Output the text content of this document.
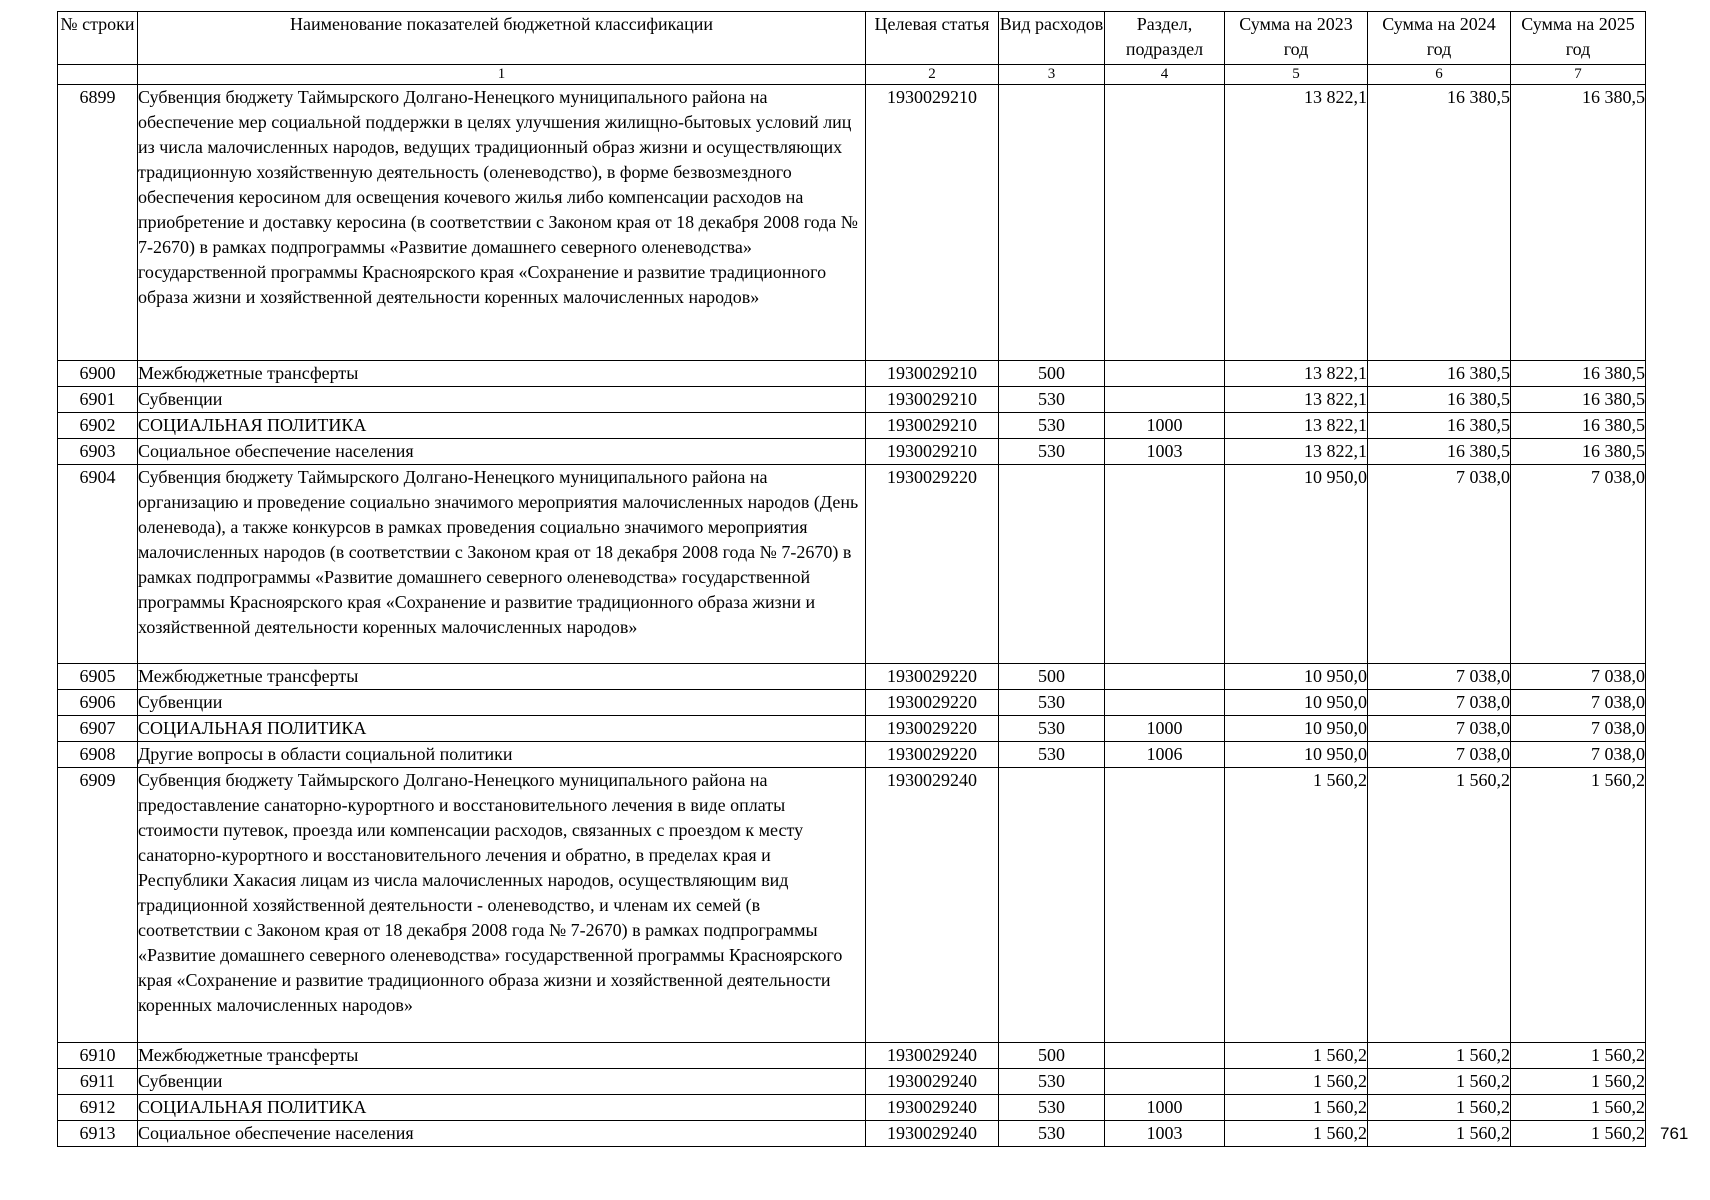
№ строки	Наименование показателей бюджетной классификации	Целевая статья	Вид расходов	Раздел, подраздел	Сумма на 2023 год	Сумма на 2024 год	Сумма на 2025 год
	1	2	3	4	5	6	7
6899	Субвенция бюджету Таймырского Долгано-Ненецкого муниципального района на обеспечение мер социальной поддержки в целях улучшения жилищно-бытовых условий лиц из числа малочисленных народов, ведущих традиционный образ жизни и осуществляющих традиционную хозяйственную деятельность (оленеводство), в форме безвозмездного обеспечения керосином для освещения кочевого жилья либо компенсации расходов на приобретение и доставку керосина (в соответствии с Законом края от 18 декабря 2008 года № 7-2670) в рамках подпрограммы «Развитие домашнего северного оленеводства» государственной программы Красноярского края «Сохранение и развитие традиционного образа жизни и хозяйственной деятельности коренных малочисленных народов»	1930029210			13 822,1	16 380,5	16 380,5
6900	Межбюджетные трансферты	1930029210	500		13 822,1	16 380,5	16 380,5
6901	Субвенции	1930029210	530		13 822,1	16 380,5	16 380,5
6902	СОЦИАЛЬНАЯ ПОЛИТИКА	1930029210	530	1000	13 822,1	16 380,5	16 380,5
6903	Социальное обеспечение населения	1930029210	530	1003	13 822,1	16 380,5	16 380,5
6904	Субвенция бюджету Таймырского Долгано-Ненецкого муниципального района на организацию и проведение социально значимого мероприятия малочисленных народов (День оленевода), а также конкурсов в рамках проведения социально значимого мероприятия малочисленных народов (в соответствии с Законом края от 18 декабря 2008 года № 7-2670) в рамках подпрограммы «Развитие домашнего северного оленеводства» государственной программы Красноярского края «Сохранение и развитие традиционного образа жизни и хозяйственной деятельности коренных малочисленных народов»	1930029220			10 950,0	7 038,0	7 038,0
6905	Межбюджетные трансферты	1930029220	500		10 950,0	7 038,0	7 038,0
6906	Субвенции	1930029220	530		10 950,0	7 038,0	7 038,0
6907	СОЦИАЛЬНАЯ ПОЛИТИКА	1930029220	530	1000	10 950,0	7 038,0	7 038,0
6908	Другие вопросы в области социальной политики	1930029220	530	1006	10 950,0	7 038,0	7 038,0
6909	Субвенция бюджету Таймырского Долгано-Ненецкого муниципального района на предоставление санаторно-курортного и восстановительного лечения в виде оплаты стоимости путевок, проезда или компенсации расходов, связанных с проездом к месту санаторно-курортного и восстановительного лечения и обратно, в пределах края и Республики Хакасия лицам из числа малочисленных народов, осуществляющим вид традиционной хозяйственной деятельности - оленеводство, и членам их семей (в соответствии с Законом края от 18 декабря 2008 года № 7-2670) в рамках подпрограммы «Развитие домашнего северного оленеводства» государственной программы Красноярского края «Сохранение и развитие традиционного образа жизни и хозяйственной деятельности коренных малочисленных народов»	1930029240			1 560,2	1 560,2	1 560,2
6910	Межбюджетные трансферты	1930029240	500		1 560,2	1 560,2	1 560,2
6911	Субвенции	1930029240	530		1 560,2	1 560,2	1 560,2
6912	СОЦИАЛЬНАЯ ПОЛИТИКА	1930029240	530	1000	1 560,2	1 560,2	1 560,2
6913	Социальное обеспечение населения	1930029240	530	1003	1 560,2	1 560,2	1 560,2 761
